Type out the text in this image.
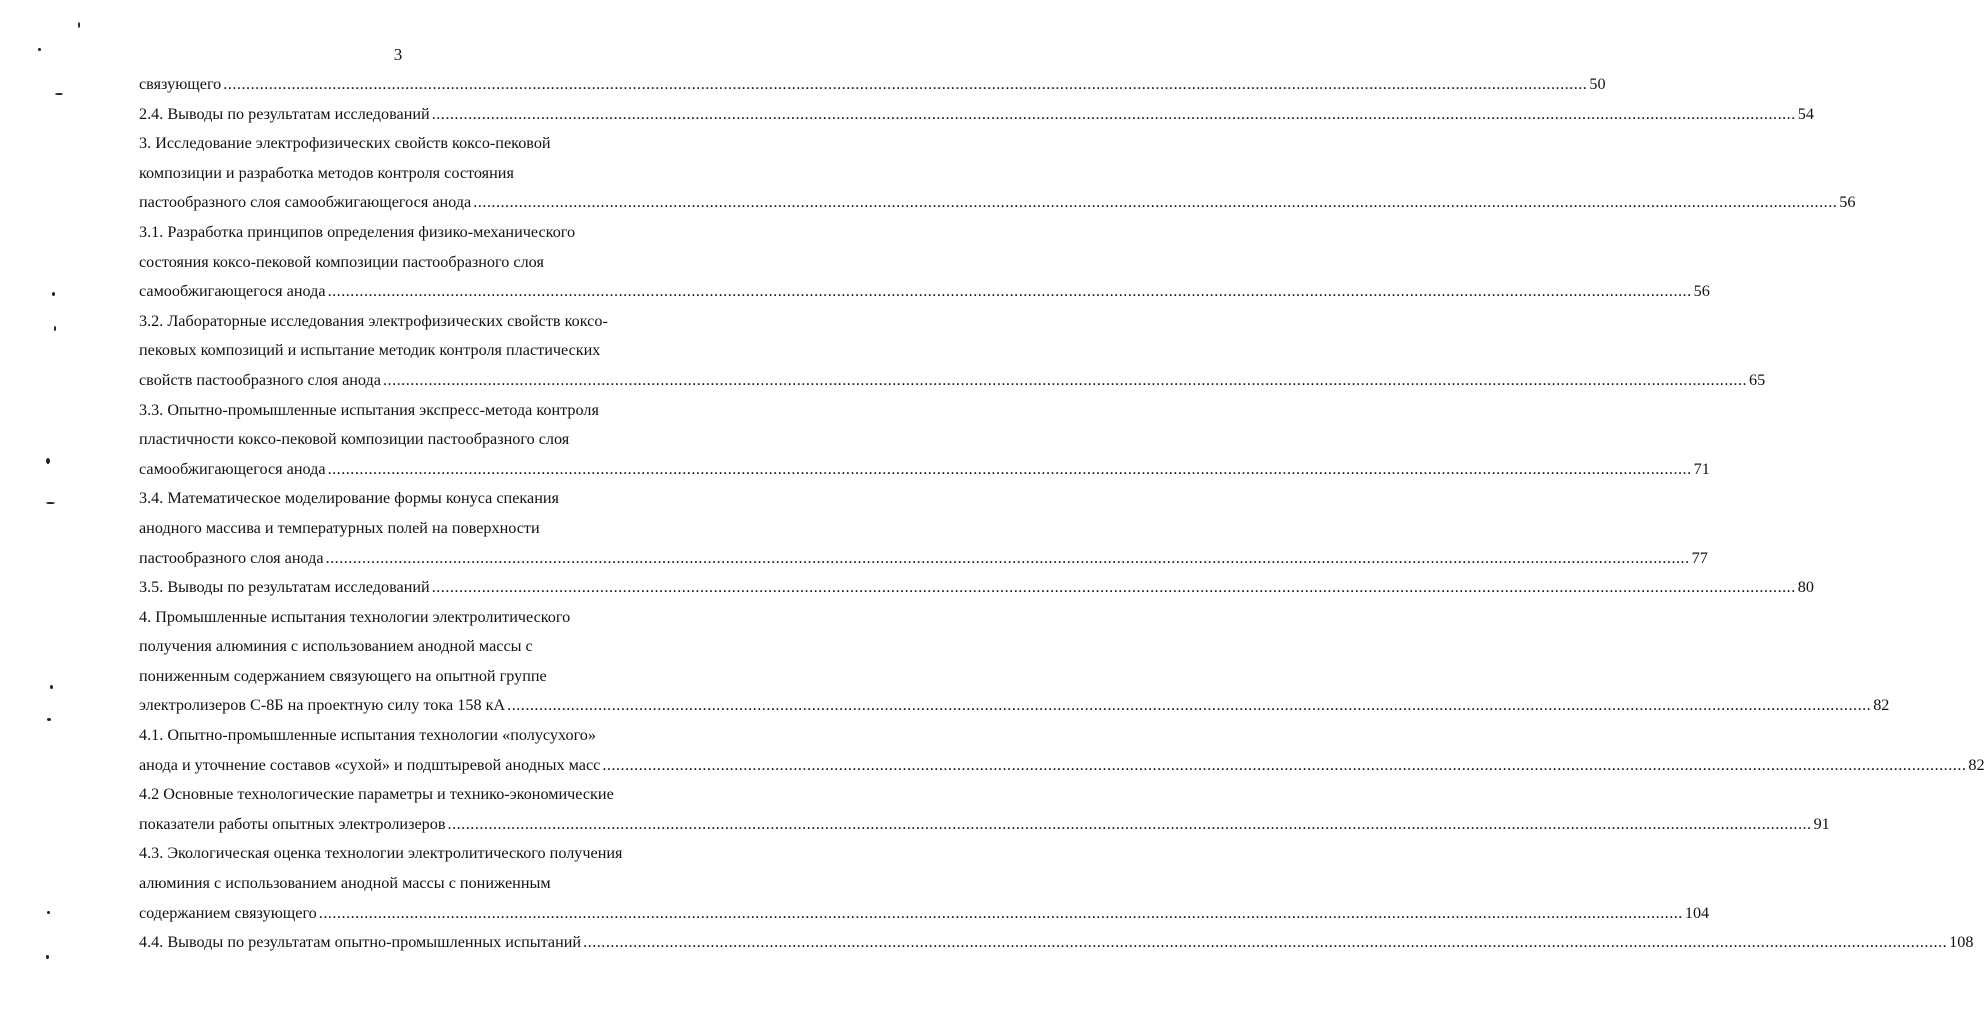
3
связующего ............................................................................................................................................................................................................................................................................................................ 50
2.4. Выводы по результатам исследований ............................................................................................................................................................................................................................................................................................................ 54
3. Исследование электрофизических свойств коксо-пековой
композиции и разработка методов контроля состояния
пастообразного слоя самообжигающегося анода ............................................................................................................................................................................................................................................................................................................ 56
3.1. Разработка принципов определения физико-механического
состояния коксо-пековой композиции пастообразного слоя
самообжигающегося анода ............................................................................................................................................................................................................................................................................................................ 56
3.2. Лабораторные исследования электрофизических свойств коксо-
пековых композиций и испытание методик контроля пластических
свойств пастообразного слоя анода ............................................................................................................................................................................................................................................................................................................ 65
3.3. Опытно-промышленные испытания экспресс-метода контроля
пластичности коксо-пековой композиции пастообразного слоя
самообжигающегося анода ............................................................................................................................................................................................................................................................................................................ 71
3.4. Математическое моделирование формы конуса спекания
анодного массива и температурных полей на поверхности
пастообразного слоя анода ............................................................................................................................................................................................................................................................................................................ 77
3.5. Выводы по результатам исследований ............................................................................................................................................................................................................................................................................................................ 80
4. Промышленные испытания технологии электролитического
получения алюминия с использованием анодной массы с
пониженным содержанием связующего на опытной группе
электролизеров С-8Б на проектную силу тока 158 кА ............................................................................................................................................................................................................................................................................................................ 82
4.1. Опытно-промышленные испытания технологии «полусухого»
анода и уточнение составов «сухой» и подштыревой анодных масс ............................................................................................................................................................................................................................................................................................................ 82
4.2 Основные технологические параметры и технико-экономические
показатели работы опытных электролизеров ............................................................................................................................................................................................................................................................................................................ 91
4.3. Экологическая оценка технологии электролитического получения
алюминия с использованием анодной массы с пониженным
содержанием связующего ............................................................................................................................................................................................................................................................................................................ 104
4.4. Выводы по результатам опытно-промышленных испытаний ............................................................................................................................................................................................................................................................................................................ 108
